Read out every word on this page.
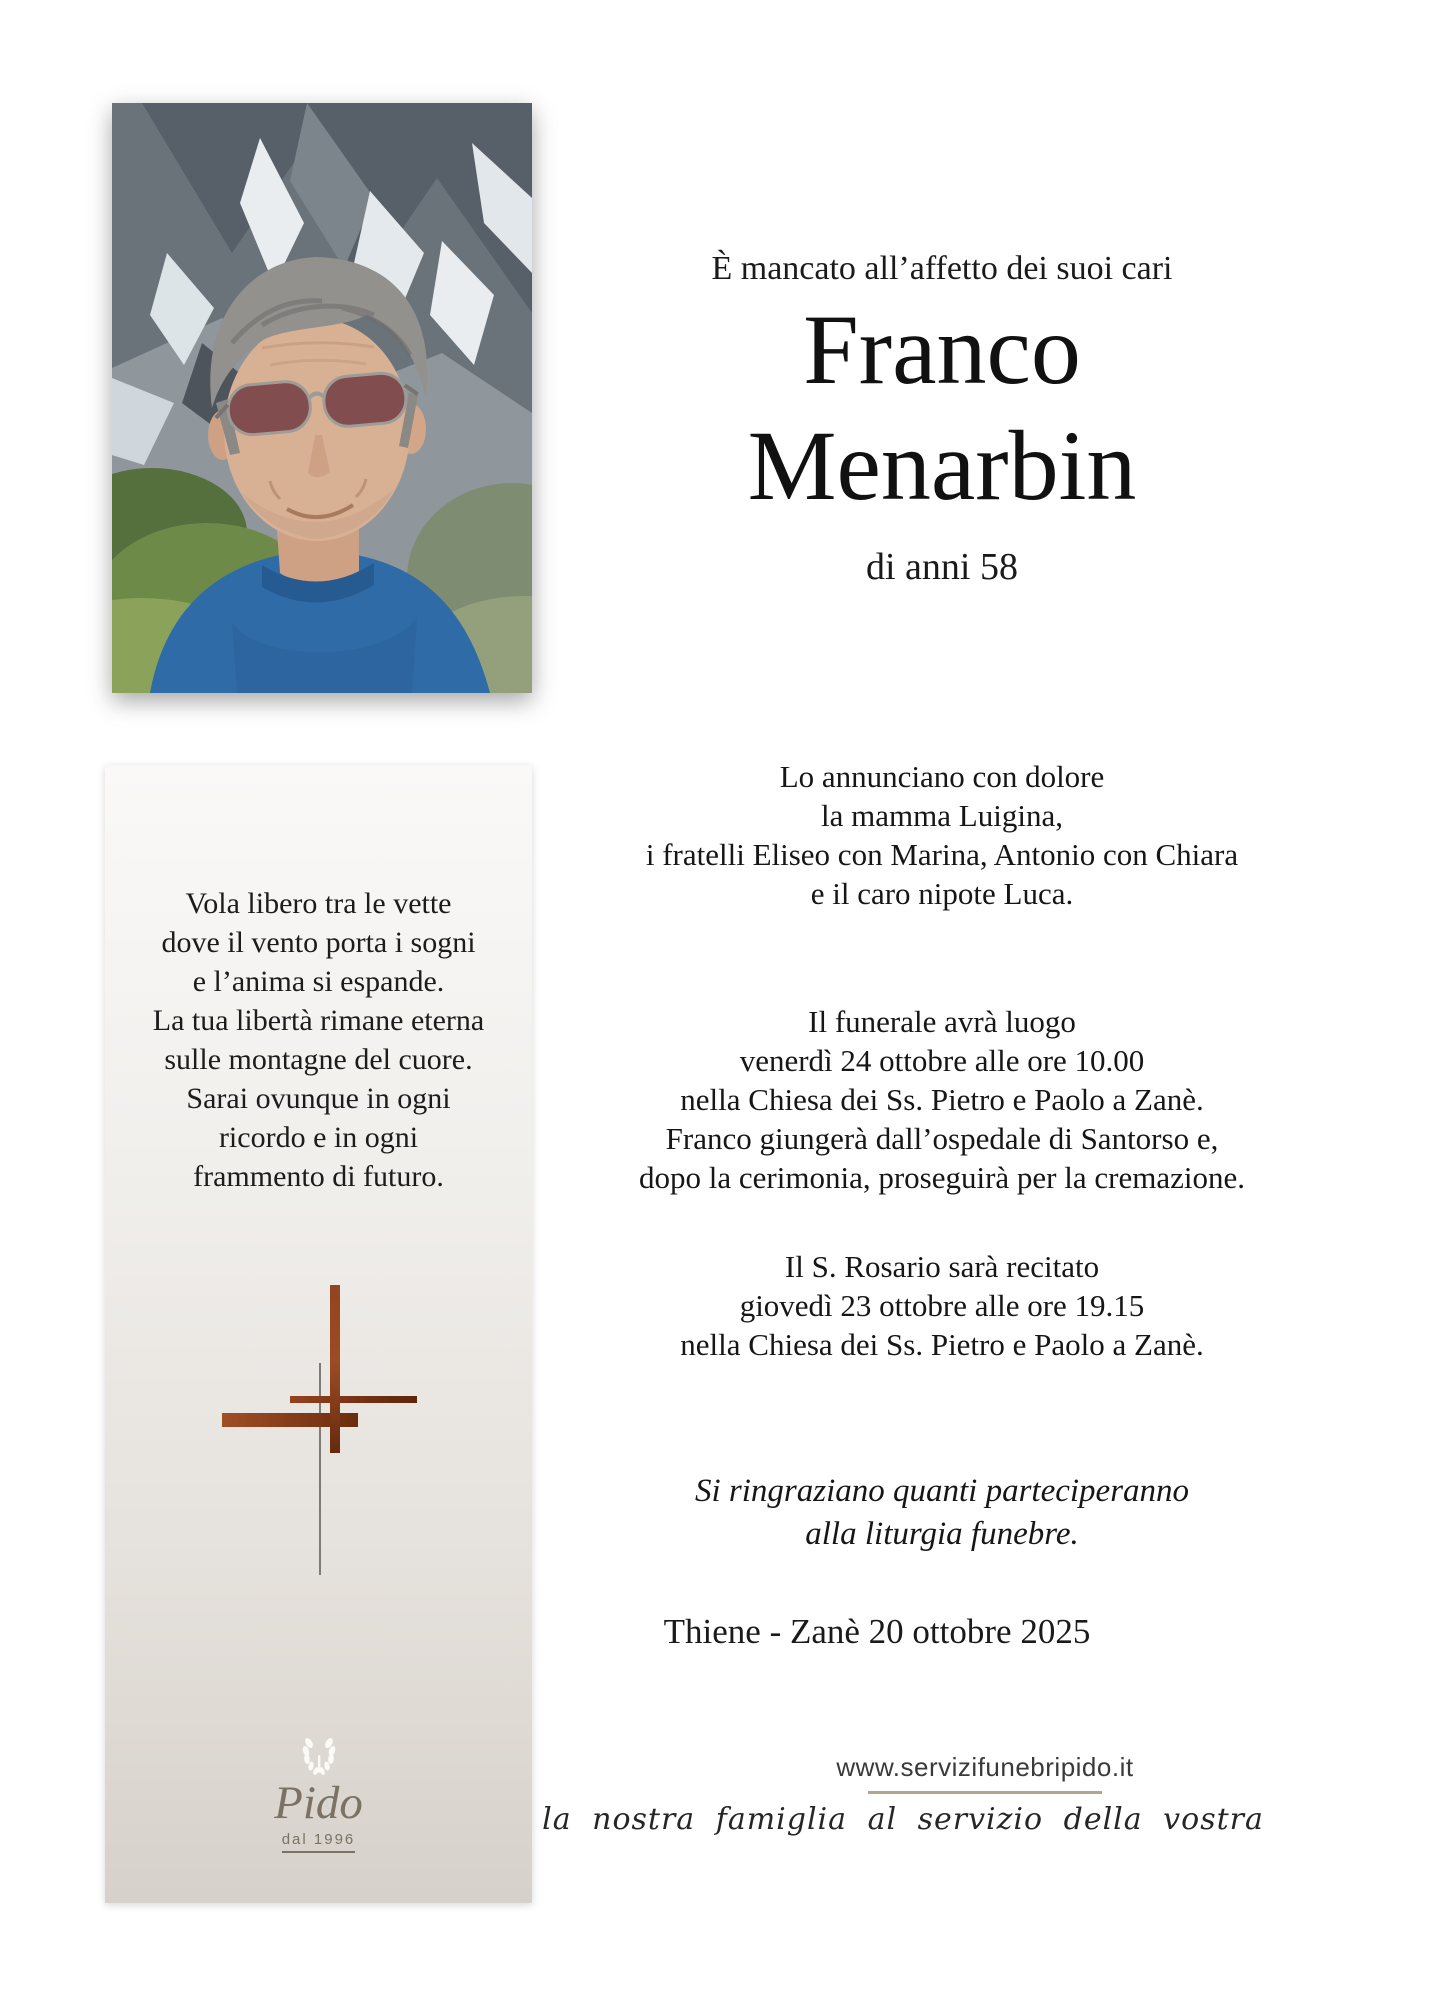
Vola libero tra le vette
dove il vento porta i sogni
e l’anima si espande.
La tua libertà rimane eterna
sulle montagne del cuore.
Sarai ovunque in ogni
ricordo e in ogni
frammento di futuro.
Pido
dal 1996
È mancato all’affetto dei suoi cari
Franco
Menarbin
di anni 58
Lo annunciano con dolore
la mamma Luigina,
i fratelli Eliseo con Marina, Antonio con Chiara
e il caro nipote Luca.
Il funerale avrà luogo
venerdì 24 ottobre alle ore 10.00
nella Chiesa dei Ss. Pietro e Paolo a Zanè.
Franco giungerà dall’ospedale di Santorso e,
dopo la cerimonia, proseguirà per la cremazione.
Il S. Rosario sarà recitato
giovedì 23 ottobre alle ore 19.15
nella Chiesa dei Ss. Pietro e Paolo a Zanè.
Si ringraziano quanti parteciperanno
alla liturgia funebre.
Thiene - Zanè 20 ottobre 2025
www.servizifunebripido.it
la nostra famiglia al servizio della vostra
